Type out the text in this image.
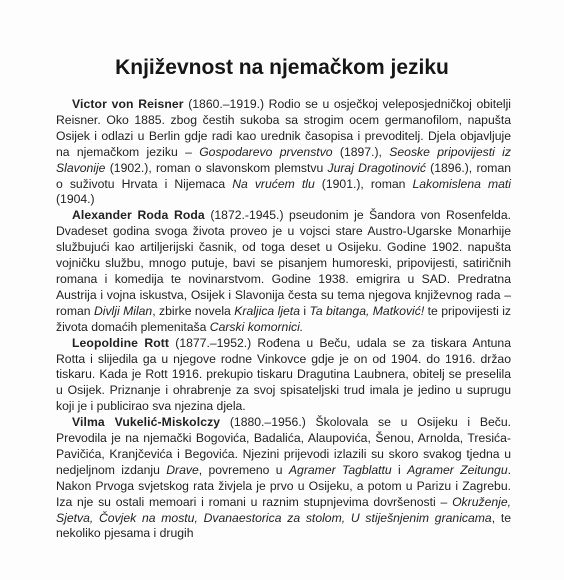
Književnost na njemačkom jeziku

Victor von Reisner (1860.–1919.) Rodio se u osječkoj veleposjedničkoj obitelji Reisner. Oko 1885. zbog čestih sukoba sa strogim ocem germanofilom, napušta Osijek i odlazi u Berlin gdje radi kao urednik časopisa i prevoditelj. Djela objavljuje na njemačkom jeziku – Gospodarevo prvenstvo (1897.), Seoske pripovijesti iz Slavonije (1902.), roman o slavonskom plemstvu Juraj Dragotinović (1896.), roman o suživotu Hrvata i Nijemaca Na vrućem tlu (1901.), roman Lakomislena mati (1904.)

Alexander Roda Roda (1872.-1945.) pseudonim je Šandora von Rosenfelda. Dvadeset godina svoga života proveo je u vojsci stare Austro-Ugarske Monarhije službujući kao artiljerijski časnik, od toga deset u Osijeku. Godine 1902. napušta vojničku službu, mnogo putuje, bavi se pisanjem humoreski, pripovijesti, satiričnih romana i komedija te novinarstvom. Godine 1938. emigrira u SAD. Predratna Austrija i vojna iskustva, Osijek i Slavonija česta su tema njegova književnog rada – roman Divlji Milan, zbirke novela Kraljica ljeta i Ta bitanga, Matković! te pripovijesti iz života domaćih plemenitaša Carski komornici.

Leopoldine Rott (1877.–1952.) Rođena u Beču, udala se za tiskara Antuna Rotta i slijedila ga u njegove rodne Vinkovce gdje je on od 1904. do 1916. držao tiskaru. Kada je Rott 1916. prekupio tiskaru Dragutina Laubnera, obitelj se preselila u Osijek. Priznanje i ohrabrenje za svoj spisateljski trud imala je jedino u suprugu koji je i publicirao sva njezina djela.

Vilma Vukelić-Miskolczy (1880.–1956.) Školovala se u Osijeku i Beču. Prevodila je na njemački Bogovića, Badalića, Alaupovića, Šenou, Arnolda, Tresića-Pavičića, Kranjčevića i Begovića. Njezini prijevodi izlazili su skoro svakog tjedna u nedjeljnom izdanju Drave, povremeno u Agramer Tagblattu i Agramer Zeitungu. Nakon Prvoga svjetskog rata živjela je prvo u Osijeku, a potom u Parizu i Zagrebu. Iza nje su ostali memoari i romani u raznim stupnjevima dovršenosti – Okruženje, Sjetva, Čovjek na mostu, Dvanaestorica za stolom, U stiješnjenim granicama, te nekoliko pjesama i drugih
